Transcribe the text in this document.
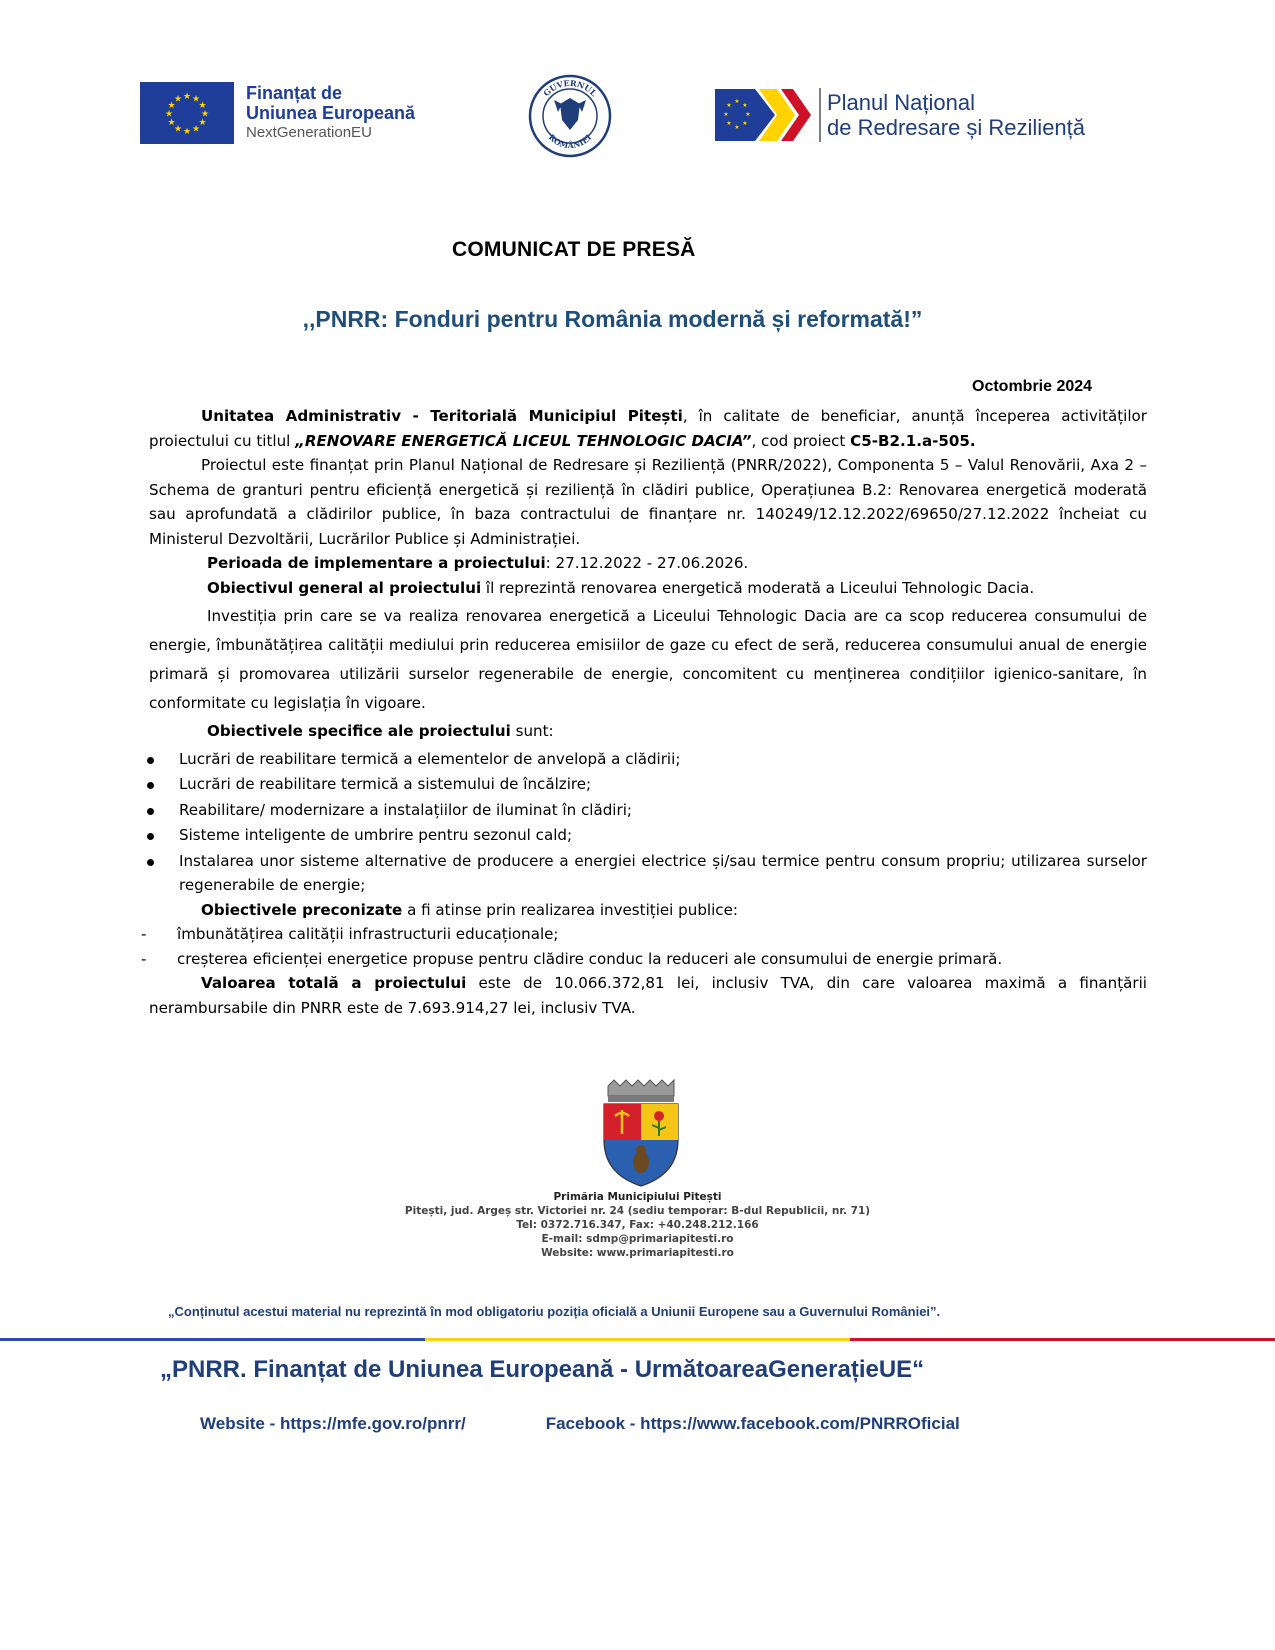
★ ★
★
★
★
★
★
★
★
★
★
★	Finanțat de
Uniunea Europeană
NextGenerationEU
GUVERNUL
ROMÂNIEI
★
★
★
★
★
★
★
★	Planul Național
de Redresare și Reziliență
COMUNICAT DE PRESĂ
,,PNRR: Fonduri pentru România modernă și reformată!”
Octombrie 2024

Unitatea Administrativ - Teritorială Municipiul Pitești, în calitate de beneficiar, anunță începerea activităților proiectului cu titlul „RENOVARE ENERGETICĂ LICEUL TEHNOLOGIC DACIA”, cod proiect C5-B2.1.a-505.

Proiectul este finanțat prin Planul Național de Redresare și Reziliență (PNRR/2022), Componenta 5 – Valul Renovării, Axa 2 – Schema de granturi pentru eficiență energetică și reziliență în clădiri publice, Operațiunea B.2: Renovarea energetică moderată sau aprofundată a clădirilor publice, în baza contractului de finanțare nr. 140249/12.12.2022/69650/27.12.2022 încheiat cu Ministerul Dezvoltării, Lucrărilor Publice și Administrației.

Perioada de implementare a proiectului: 27.12.2022 - 27.06.2026.

Obiectivul general al proiectului îl reprezintă renovarea energetică moderată a Liceului Tehnologic Dacia.

Investiția prin care se va realiza renovarea energetică a Liceului Tehnologic Dacia are ca scop reducerea consumului de energie, îmbunătățirea calității mediului prin reducerea emisiilor de gaze cu efect de seră, reducerea consumului anual de energie primară și promovarea utilizării surselor regenerabile de energie, concomitent cu menținerea condițiilor igienico-sanitare, în conformitate cu legislația în vigoare.

Obiectivele specifice ale proiectului sunt:

Lucrări de reabilitare termică a elementelor de anvelopă a clădirii;
Lucrări de reabilitare termică a sistemului de încălzire;
Reabilitare/ modernizare a instalațiilor de iluminat în clădiri;
Sisteme inteligente de umbrire pentru sezonul cald;
Instalarea unor sisteme alternative de producere a energiei electrice și/sau termice pentru consum propriu; utilizarea surselor regenerabile de energie;

Obiectivele preconizate a fi atinse prin realizarea investiției publice:

- îmbunătățirea calității infrastructurii educaționale;
- creșterea eficienței energetice propuse pentru clădire conduc la reduceri ale consumului de energie primară.

Valoarea totală a proiectului este de 10.066.372,81 lei, inclusiv TVA, din care valoarea maximă a finanțării nerambursabile din PNRR este de 7.693.914,27 lei, inclusiv TVA.

Primăria Municipiului Pitești
Pitești, jud. Argeș str. Victoriei nr. 24 (sediu temporar: B-dul Republicii, nr. 71)
Tel: 0372.716.347, Fax: +40.248.212.166
E-mail: sdmp@primariapitesti.ro
Website: www.primariapitesti.ro
„Conținutul acestui material nu reprezintă în mod obligatoriu poziția oficială a Uniunii Europene sau a Guvernului României”.
„PNRR. Finanțat de Uniunea Europeană - UrmătoareaGenerațieUE“
Website - https://mfe.gov.ro/pnrr/	Facebook - https://www.facebook.com/PNRROficial
